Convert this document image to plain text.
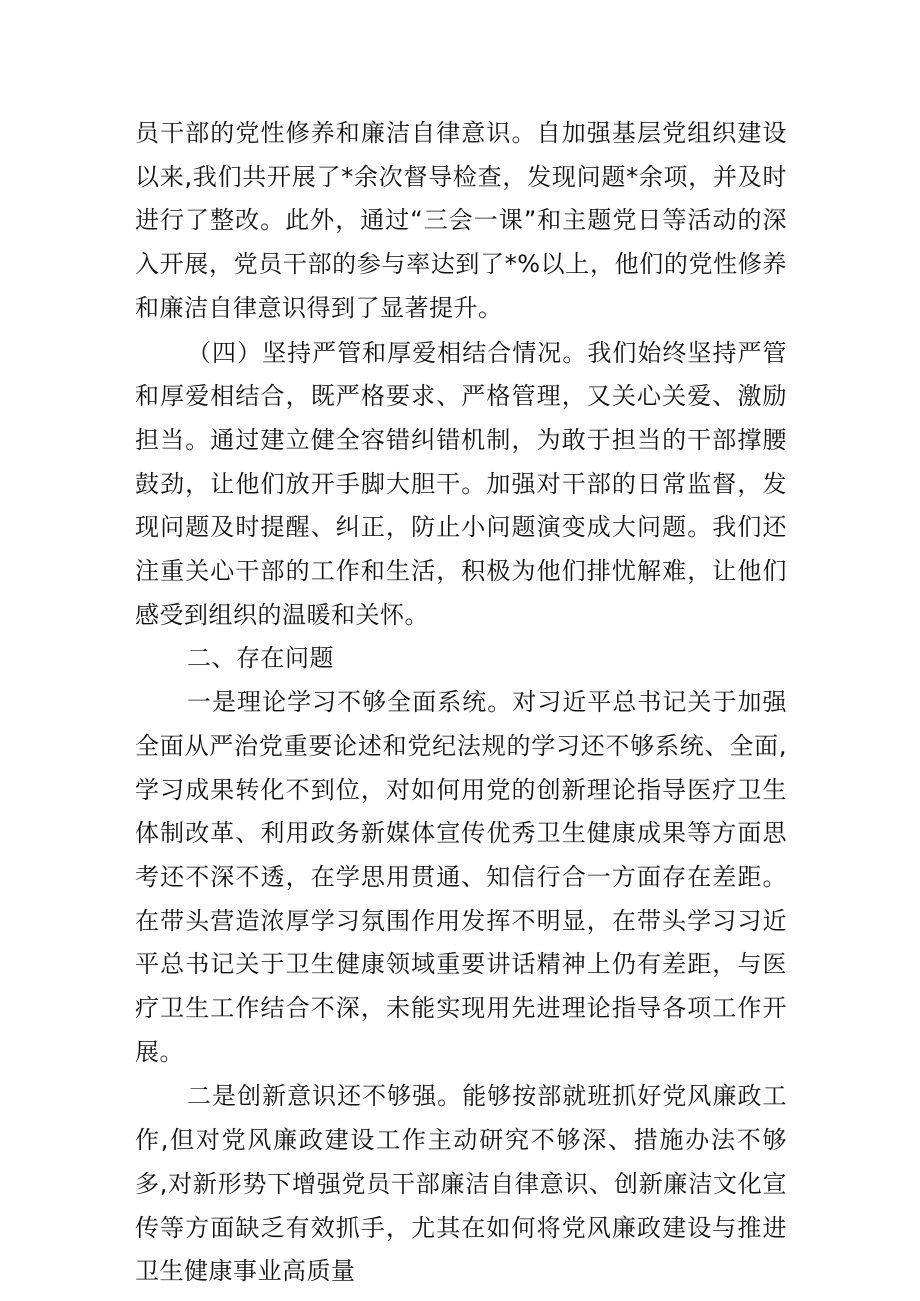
员干部的党性修养和廉洁自律意识。自加强基层党组织建设以来,我们共开展了*余次督导检查，发现问题*余项，并及时进行了整改。此外，通过“三会一课”和主题党日等活动的深入开展，党员干部的参与率达到了*%以上，他们的党性修养和廉洁自律意识得到了显著提升。

（四）坚持严管和厚爱相结合情况。我们始终坚持严管和厚爱相结合，既严格要求、严格管理，又关心关爱、激励担当。通过建立健全容错纠错机制，为敢于担当的干部撑腰鼓劲，让他们放开手脚大胆干。加强对干部的日常监督，发现问题及时提醒、纠正，防止小问题演变成大问题。我们还注重关心干部的工作和生活，积极为他们排忧解难，让他们感受到组织的温暖和关怀。

二、存在问题

一是理论学习不够全面系统。对习近平总书记关于加强全面从严治党重要论述和党纪法规的学习还不够系统、全面,学习成果转化不到位，对如何用党的创新理论指导医疗卫生体制改革、利用政务新媒体宣传优秀卫生健康成果等方面思考还不深不透，在学思用贯通、知信行合一方面存在差距。在带头营造浓厚学习氛围作用发挥不明显，在带头学习习近平总书记关于卫生健康领域重要讲话精神上仍有差距，与医疗卫生工作结合不深，未能实现用先进理论指导各项工作开展。

二是创新意识还不够强。能够按部就班抓好党风廉政工作,但对党风廉政建设工作主动研究不够深、措施办法不够多,对新形势下增强党员干部廉洁自律意识、创新廉洁文化宣传等方面缺乏有效抓手，尤其在如何将党风廉政建设与推进卫生健康事业高质量
